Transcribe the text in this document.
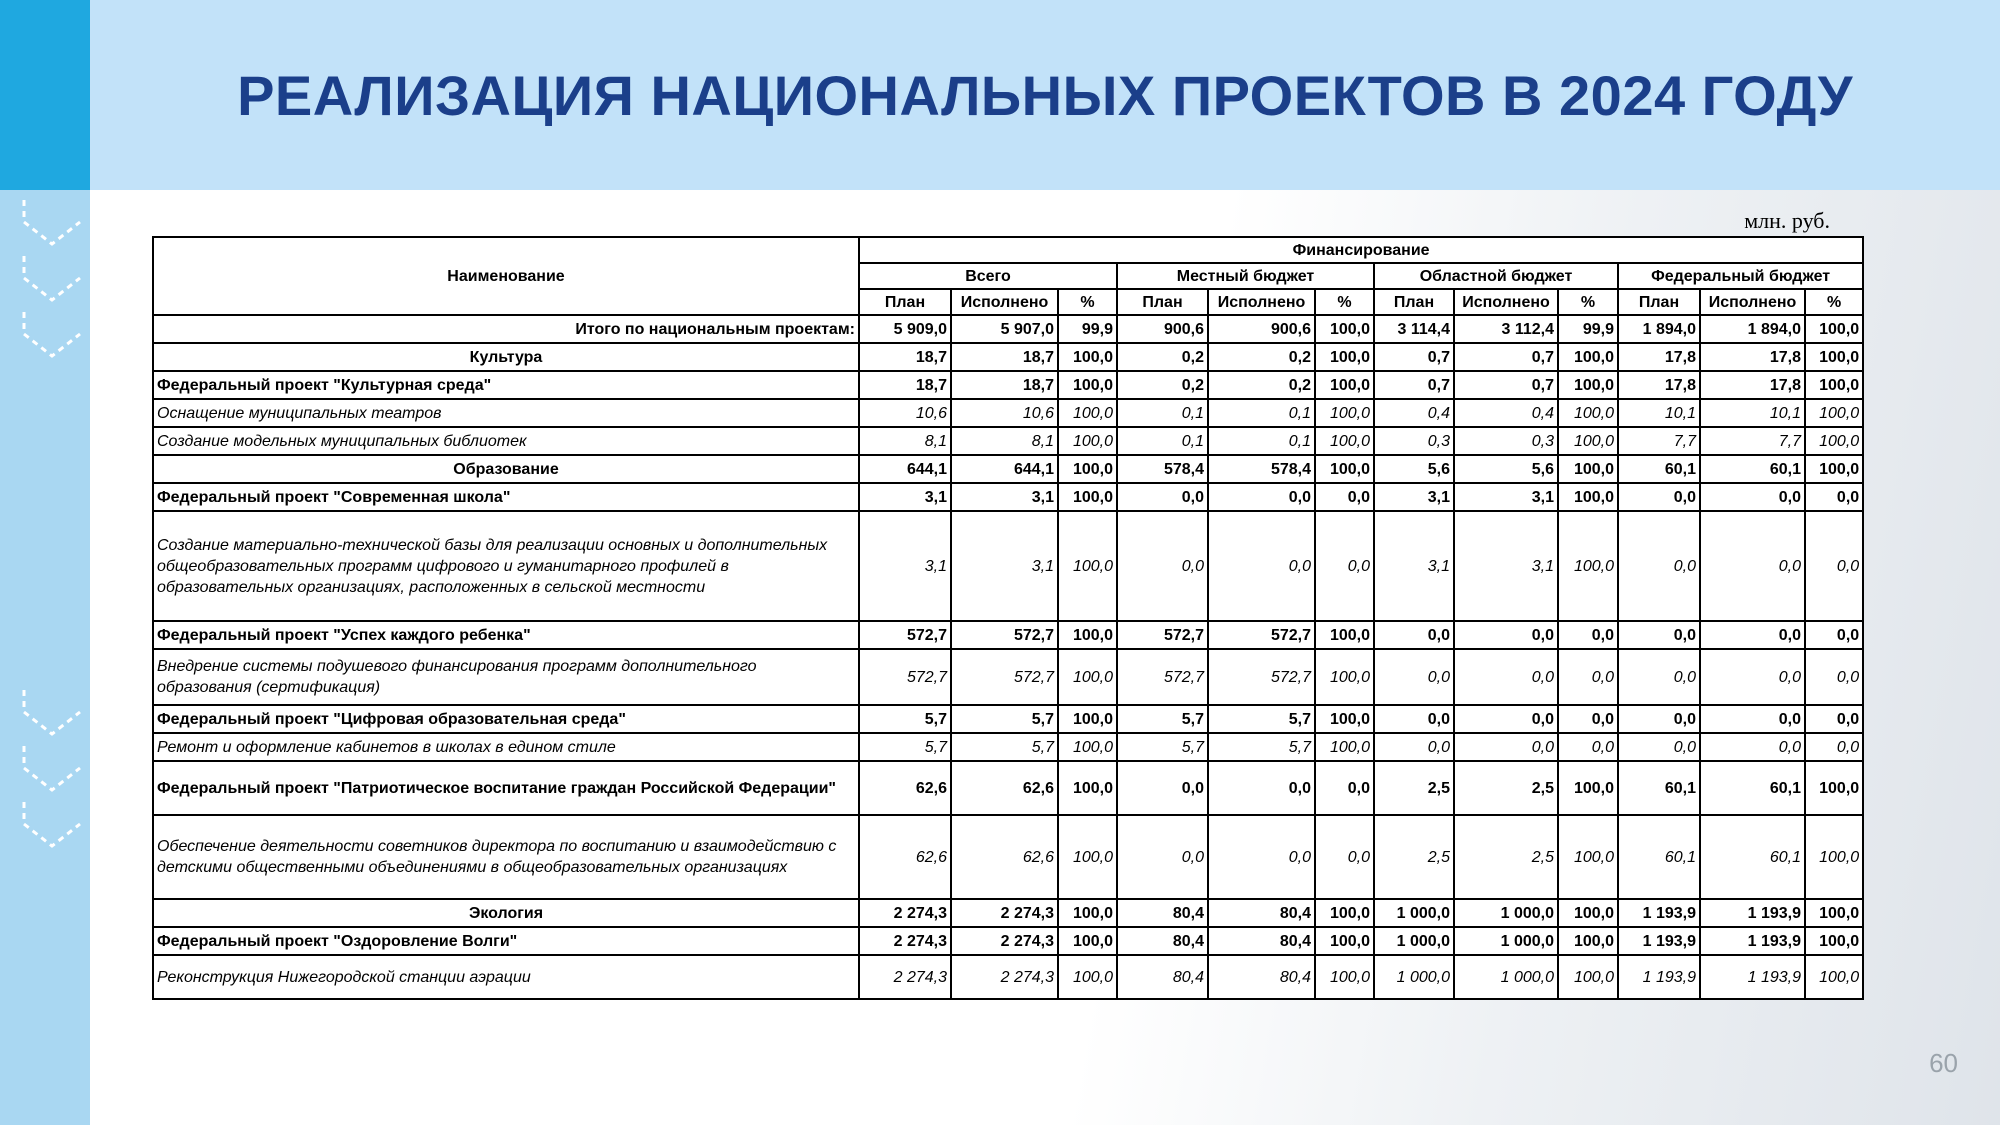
РЕАЛИЗАЦИЯ НАЦИОНАЛЬНЫХ ПРОЕКТОВ В 2024 ГОДУ
млн. руб.
Наименование	Финансирование											
	Всего			Местный бюджет			Областной бюджет			Федеральный бюджет		
	План	Исполнено	%	План	Исполнено	%	План	Исполнено	%	План	Исполнено	%
Итого по национальным проектам:	5 909,0	5 907,0	99,9	900,6	900,6	100,0	3 114,4	3 112,4	99,9	1 894,0	1 894,0	100,0
Культура	18,7	18,7	100,0	0,2	0,2	100,0	0,7	0,7	100,0	17,8	17,8	100,0
Федеральный проект "Культурная среда"	18,7	18,7	100,0	0,2	0,2	100,0	0,7	0,7	100,0	17,8	17,8	100,0
Оснащение муниципальных театров	10,6	10,6	100,0	0,1	0,1	100,0	0,4	0,4	100,0	10,1	10,1	100,0
Создание модельных муниципальных библиотек	8,1	8,1	100,0	0,1	0,1	100,0	0,3	0,3	100,0	7,7	7,7	100,0
Образование	644,1	644,1	100,0	578,4	578,4	100,0	5,6	5,6	100,0	60,1	60,1	100,0
Федеральный проект "Современная школа"	3,1	3,1	100,0	0,0	0,0	0,0	3,1	3,1	100,0	0,0	0,0	0,0
Создание материально-технической базы для реализации основных и дополнительных общеобразовательных программ цифрового и гуманитарного профилей в образовательных организациях, расположенных в сельской местности	3,1	3,1	100,0	0,0	0,0	0,0	3,1	3,1	100,0	0,0	0,0	0,0
Федеральный проект "Успех каждого ребенка"	572,7	572,7	100,0	572,7	572,7	100,0	0,0	0,0	0,0	0,0	0,0	0,0
Внедрение системы подушевого финансирования программ дополнительного образования (сертификация)	572,7	572,7	100,0	572,7	572,7	100,0	0,0	0,0	0,0	0,0	0,0	0,0
Федеральный проект "Цифровая образовательная среда"	5,7	5,7	100,0	5,7	5,7	100,0	0,0	0,0	0,0	0,0	0,0	0,0
Ремонт и оформление кабинетов в школах в едином стиле	5,7	5,7	100,0	5,7	5,7	100,0	0,0	0,0	0,0	0,0	0,0	0,0
Федеральный проект "Патриотическое воспитание граждан Российской Федерации"	62,6	62,6	100,0	0,0	0,0	0,0	2,5	2,5	100,0	60,1	60,1	100,0
Обеспечение деятельности советников директора по воспитанию и взаимодействию с детскими общественными объединениями в общеобразовательных организациях	62,6	62,6	100,0	0,0	0,0	0,0	2,5	2,5	100,0	60,1	60,1	100,0
Экология	2 274,3	2 274,3	100,0	80,4	80,4	100,0	1 000,0	1 000,0	100,0	1 193,9	1 193,9	100,0
Федеральный проект "Оздоровление Волги"	2 274,3	2 274,3	100,0	80,4	80,4	100,0	1 000,0	1 000,0	100,0	1 193,9	1 193,9	100,0
Реконструкция Нижегородской станции аэрации	2 274,3	2 274,3	100,0	80,4	80,4	100,0	1 000,0	1 000,0	100,0	1 193,9	1 193,9	100,0
60
